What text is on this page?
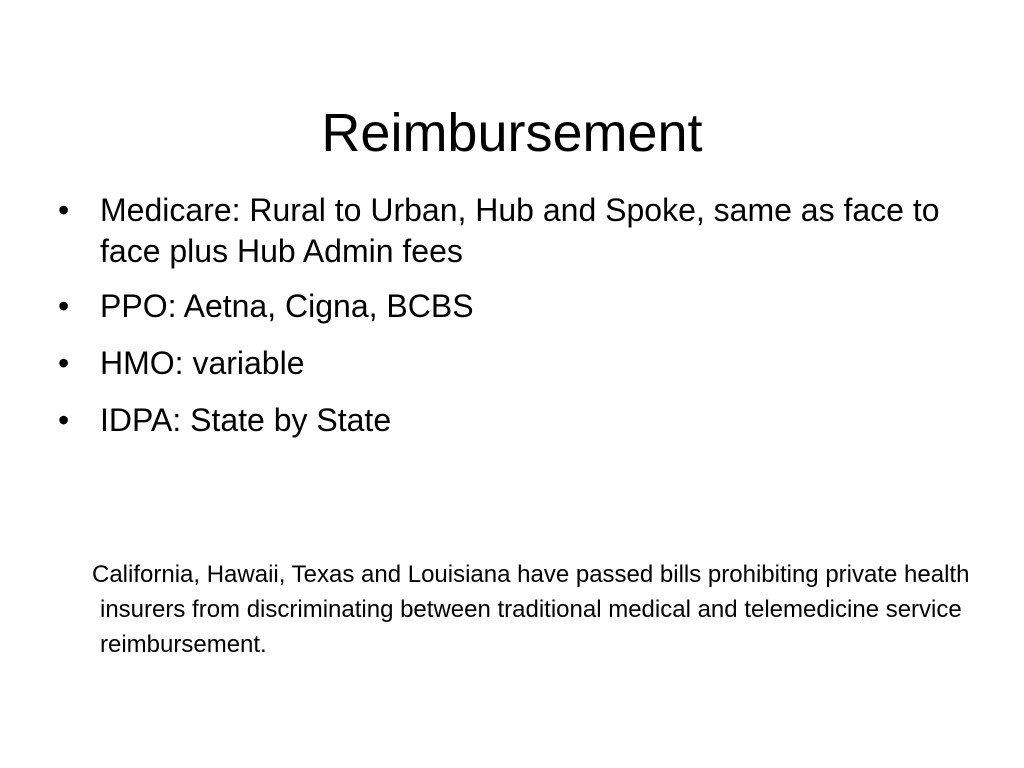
Reimbursement
• Medicare: Rural to Urban, Hub and Spoke, same as face to face plus Hub Admin fees
• PPO: Aetna, Cigna, BCBS
• HMO: variable
• IDPA: State by State

California, Hawaii, Texas and Louisiana have passed bills prohibiting private health insurers from discriminating between traditional medical and telemedicine service reimbursement.
